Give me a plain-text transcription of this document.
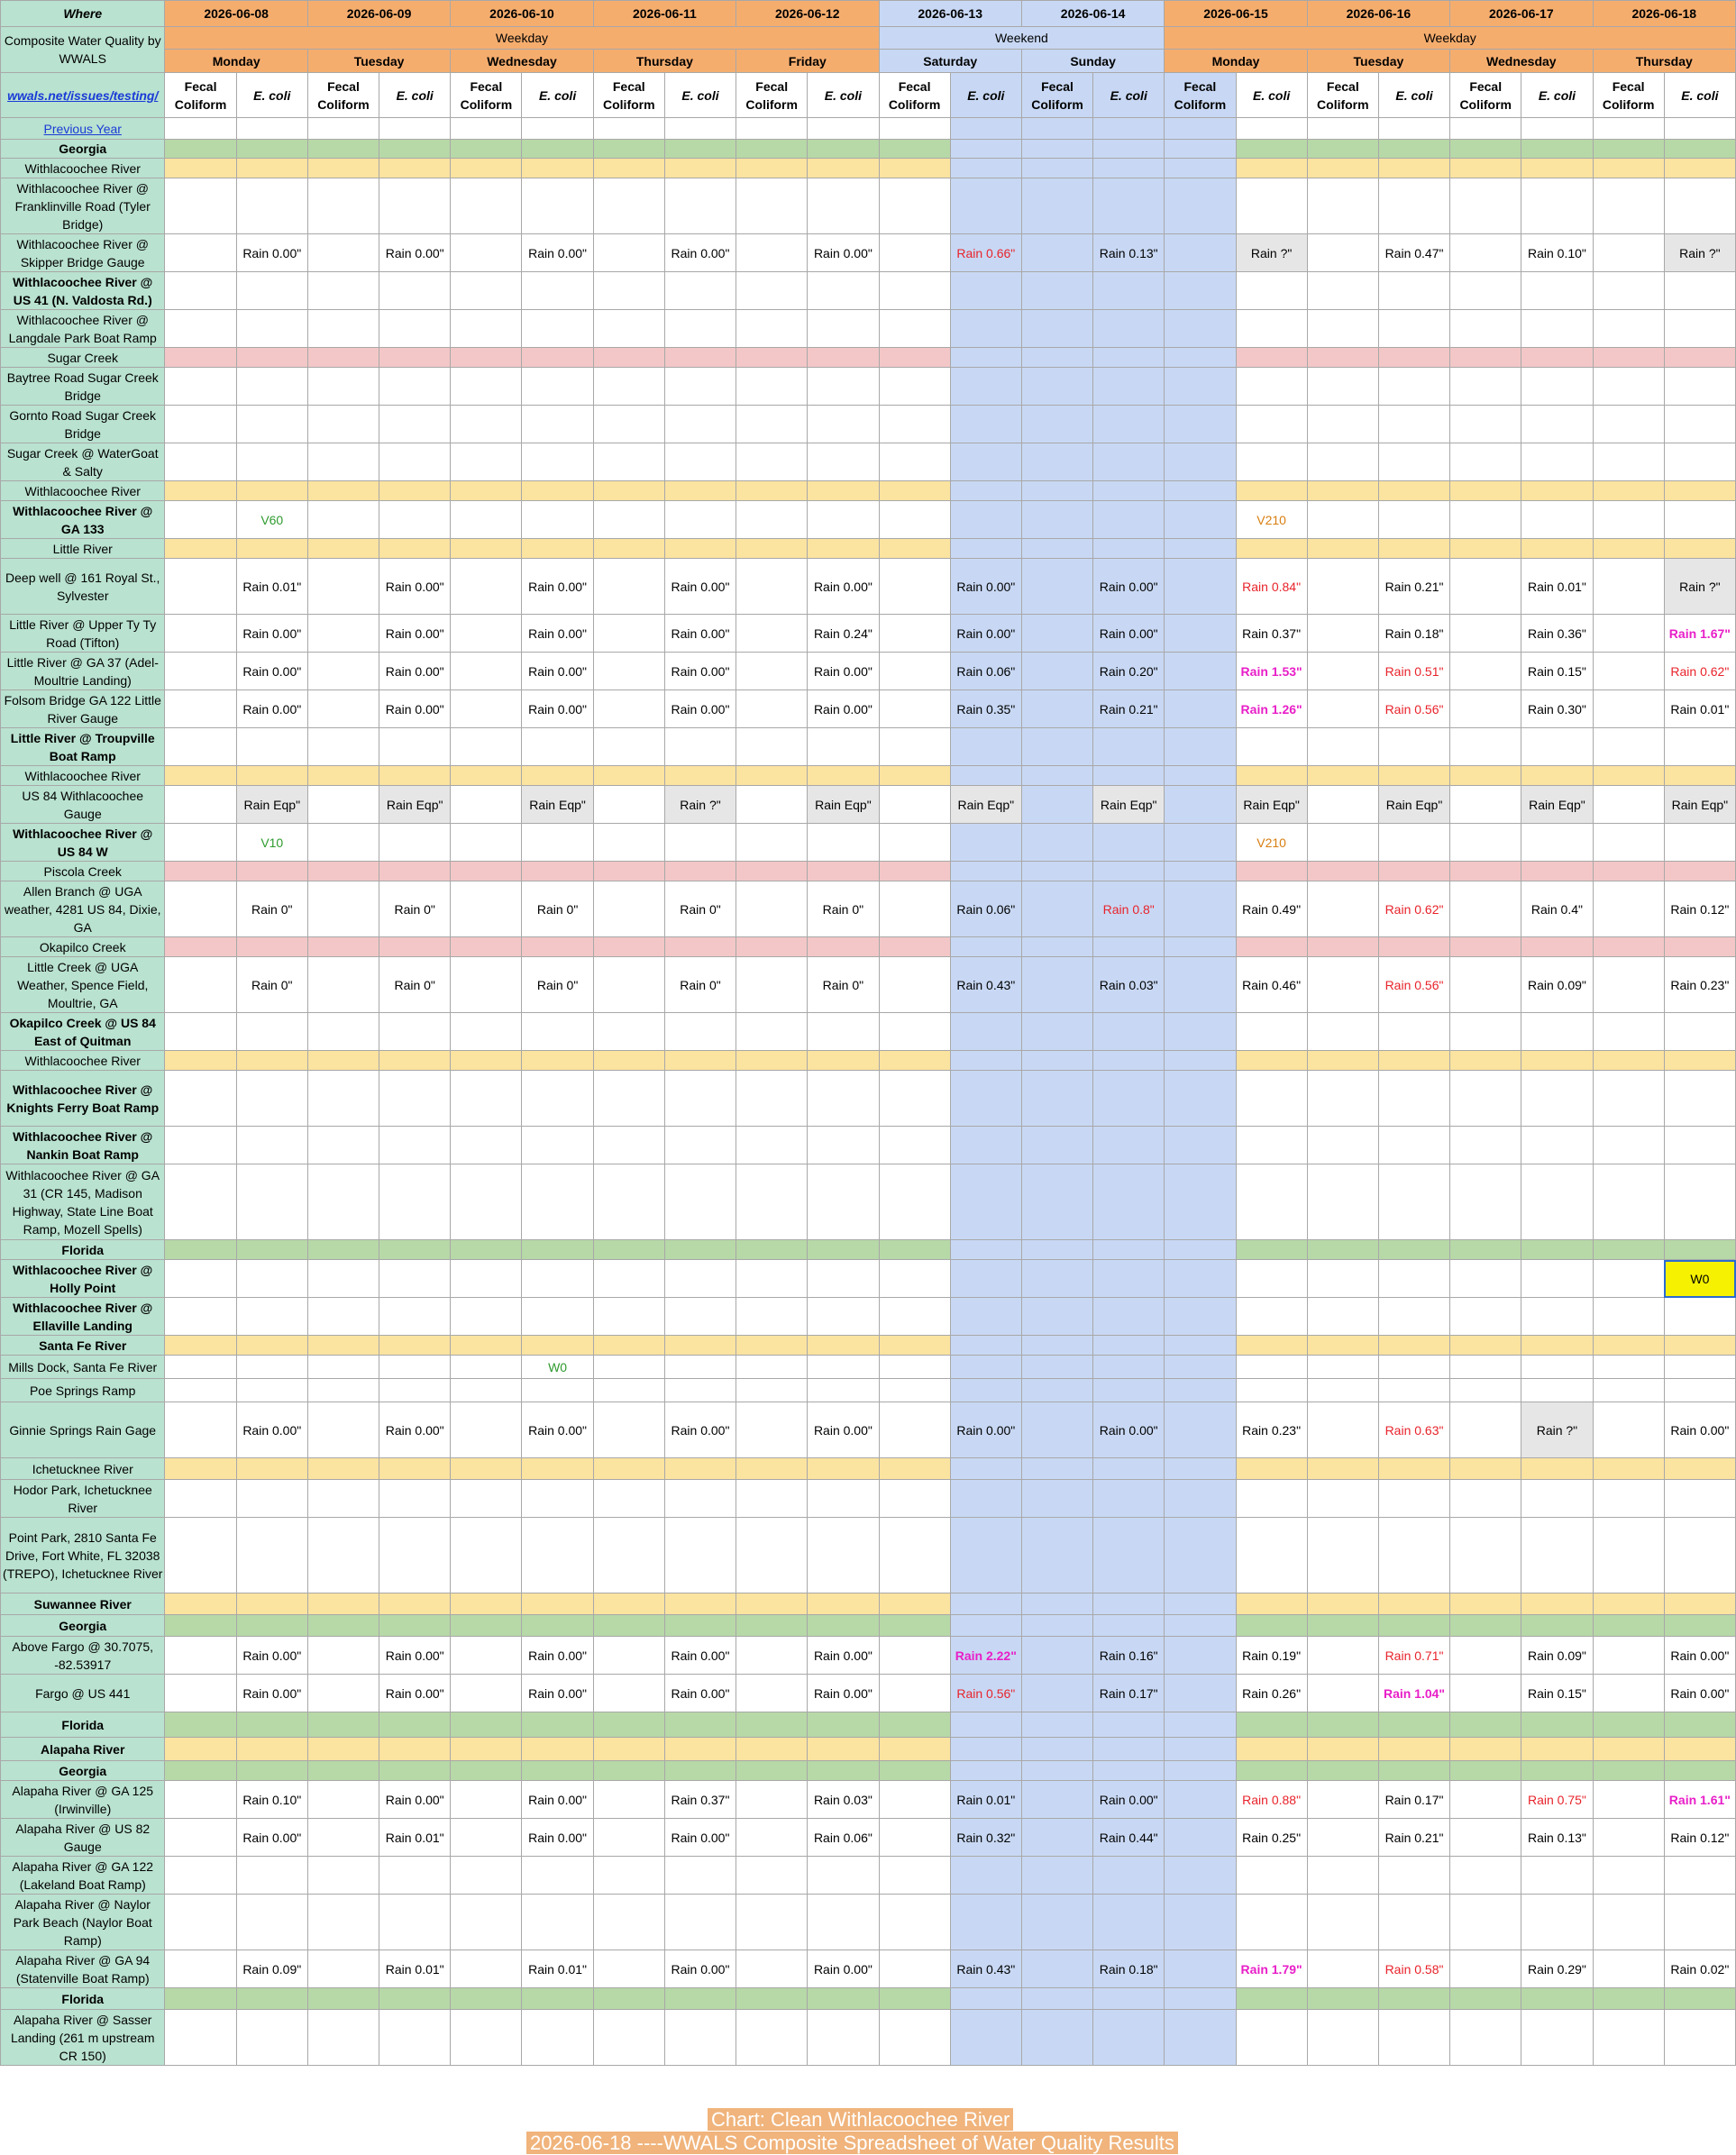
Where	2026-06-08		2026-06-09		2026-06-10		2026-06-11		2026-06-12		2026-06-13		2026-06-14		2026-06-15		2026-06-16		2026-06-17		2026-06-18	
Composite Water Quality by WWALS	Weekday										Weekend				Weekday							
	Monday		Tuesday		Wednesday		Thursday		Friday		Saturday		Sunday		Monday		Tuesday		Wednesday		Thursday	
wwals.net/issues/testing/	Fecal Coliform	E. coli	Fecal Coliform	E. coli	Fecal Coliform	E. coli	Fecal Coliform	E. coli	Fecal Coliform	E. coli	Fecal Coliform	E. coli	Fecal Coliform	E. coli	Fecal Coliform	E. coli	Fecal Coliform	E. coli	Fecal Coliform	E. coli	Fecal Coliform	E. coli
Previous Year																						
Georgia																						
Withlacoochee River																						
Withlacoochee River @ Franklinville Road (Tyler Bridge)																						
Withlacoochee River @ Skipper Bridge Gauge		Rain 0.00"		Rain 0.00"		Rain 0.00"		Rain 0.00"		Rain 0.00"		Rain 0.66"		Rain 0.13"		Rain ?"		Rain 0.47"		Rain 0.10"		Rain ?"
Withlacoochee River @ US 41 (N. Valdosta Rd.)																						
Withlacoochee River @ Langdale Park Boat Ramp																						
Sugar Creek																						
Baytree Road Sugar Creek Bridge																						
Gornto Road Sugar Creek Bridge																						
Sugar Creek @ WaterGoat & Salty																						
Withlacoochee River																						
Withlacoochee River @ GA 133		V60														V210						
Little River																						
Deep well @ 161 Royal St., Sylvester		Rain 0.01"		Rain 0.00"		Rain 0.00"		Rain 0.00"		Rain 0.00"		Rain 0.00"		Rain 0.00"		Rain 0.84"		Rain 0.21"		Rain 0.01"		Rain ?"
Little River @ Upper Ty Ty Road (Tifton)		Rain 0.00"		Rain 0.00"		Rain 0.00"		Rain 0.00"		Rain 0.24"		Rain 0.00"		Rain 0.00"		Rain 0.37"		Rain 0.18"		Rain 0.36"		Rain 1.67"
Little River @ GA 37 (Adel-Moultrie Landing)		Rain 0.00"		Rain 0.00"		Rain 0.00"		Rain 0.00"		Rain 0.00"		Rain 0.06"		Rain 0.20"		Rain 1.53"		Rain 0.51"		Rain 0.15"		Rain 0.62"
Folsom Bridge GA 122 Little River Gauge		Rain 0.00"		Rain 0.00"		Rain 0.00"		Rain 0.00"		Rain 0.00"		Rain 0.35"		Rain 0.21"		Rain 1.26"		Rain 0.56"		Rain 0.30"		Rain 0.01"
Little River @ Troupville Boat Ramp																						
Withlacoochee River																						
US 84 Withlacoochee Gauge		Rain Eqp"		Rain Eqp"		Rain Eqp"		Rain ?"		Rain Eqp"		Rain Eqp"		Rain Eqp"		Rain Eqp"		Rain Eqp"		Rain Eqp"		Rain Eqp"
Withlacoochee River @ US 84 W		V10														V210						
Piscola Creek																						
Allen Branch @ UGA weather, 4281 US 84, Dixie, GA		Rain 0"		Rain 0"		Rain 0"		Rain 0"		Rain 0"		Rain 0.06"		Rain 0.8"		Rain 0.49"		Rain 0.62"		Rain 0.4"		Rain 0.12"
Okapilco Creek																						
Little Creek @ UGA Weather, Spence Field, Moultrie, GA		Rain 0"		Rain 0"		Rain 0"		Rain 0"		Rain 0"		Rain 0.43"		Rain 0.03"		Rain 0.46"		Rain 0.56"		Rain 0.09"		Rain 0.23"
Okapilco Creek @ US 84 East of Quitman																						
Withlacoochee River																						
Withlacoochee River @ Knights Ferry Boat Ramp																						
Withlacoochee River @ Nankin Boat Ramp																						
Withlacoochee River @ GA 31 (CR 145, Madison Highway, State Line Boat Ramp, Mozell Spells)																						
Florida																						
Withlacoochee River @ Holly Point																						W0
Withlacoochee River @ Ellaville Landing																						
Santa Fe River																						
Mills Dock, Santa Fe River						W0																
Poe Springs Ramp																						
Ginnie Springs Rain Gage		Rain 0.00"		Rain 0.00"		Rain 0.00"		Rain 0.00"		Rain 0.00"		Rain 0.00"		Rain 0.00"		Rain 0.23"		Rain 0.63"		Rain ?"		Rain 0.00"
Ichetucknee River																						
Hodor Park, Ichetucknee River																						
Point Park, 2810 Santa Fe Drive, Fort White, FL 32038 (TREPO), Ichetucknee River																						
Suwannee River																						
Georgia																						
Above Fargo @ 30.7075, -82.53917		Rain 0.00"		Rain 0.00"		Rain 0.00"		Rain 0.00"		Rain 0.00"		Rain 2.22"		Rain 0.16"		Rain 0.19"		Rain 0.71"		Rain 0.09"		Rain 0.00"
Fargo @ US 441		Rain 0.00"		Rain 0.00"		Rain 0.00"		Rain 0.00"		Rain 0.00"		Rain 0.56"		Rain 0.17"		Rain 0.26"		Rain 1.04"		Rain 0.15"		Rain 0.00"
Florida																						
Alapaha River																						
Georgia																						
Alapaha River @ GA 125 (Irwinville)		Rain 0.10"		Rain 0.00"		Rain 0.00"		Rain 0.37"		Rain 0.03"		Rain 0.01"		Rain 0.00"		Rain 0.88"		Rain 0.17"		Rain 0.75"		Rain 1.61"
Alapaha River @ US 82 Gauge		Rain 0.00"		Rain 0.01"		Rain 0.00"		Rain 0.00"		Rain 0.06"		Rain 0.32"		Rain 0.44"		Rain 0.25"		Rain 0.21"		Rain 0.13"		Rain 0.12"
Alapaha River @ GA 122 (Lakeland Boat Ramp)																						
Alapaha River @ Naylor Park Beach (Naylor Boat Ramp)																						
Alapaha River @ GA 94 (Statenville Boat Ramp)		Rain 0.09"		Rain 0.01"		Rain 0.01"		Rain 0.00"		Rain 0.00"		Rain 0.43"		Rain 0.18"		Rain 1.79"		Rain 0.58"		Rain 0.29"		Rain 0.02"
Florida																						
Alapaha River @ Sasser Landing (261 m upstream CR 150)																						
Chart: Clean Withlacoochee River
2026-06-18 ----WWALS Composite Spreadsheet of Water Quality Results
